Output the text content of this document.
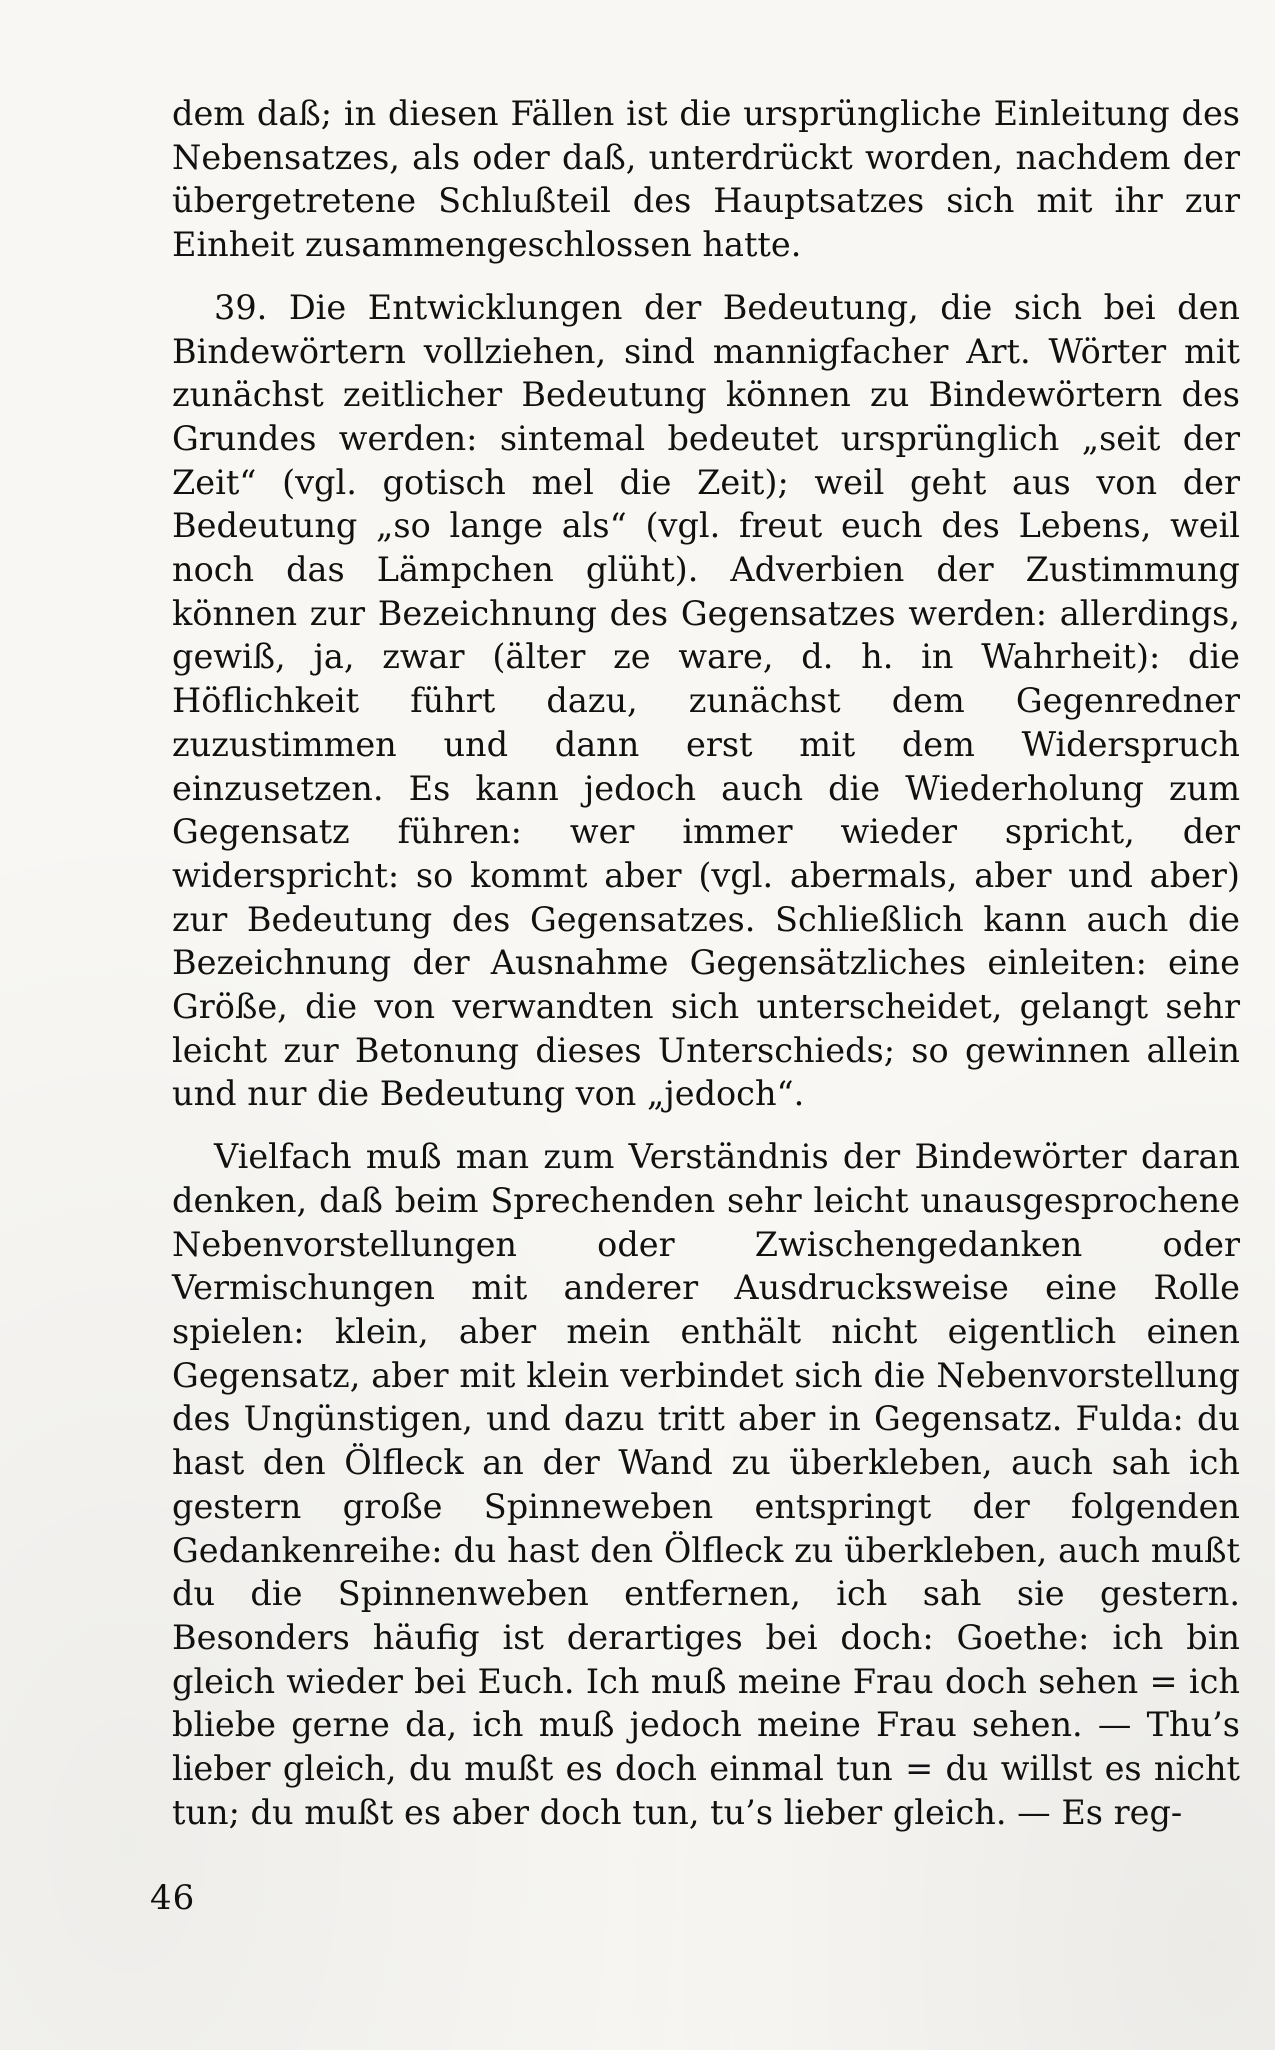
dem daß; in diesen Fällen ist die ursprüngliche Einleitung des Nebensatzes, als oder daß, unterdrückt worden, nachdem der übergetretene Schlußteil des Hauptsatzes sich mit ihr zur Einheit zusammengeschlossen hatte.

39. Die Entwicklungen der Bedeutung, die sich bei den Bindewörtern vollziehen, sind mannigfacher Art. Wörter mit zunächst zeitlicher Bedeutung können zu Bindewörtern des Grundes werden: sintemal bedeutet ursprünglich „seit der Zeit“ (vgl. gotisch mel die Zeit); weil geht aus von der Bedeutung „so lange als“ (vgl. freut euch des Lebens, weil noch das Lämpchen glüht). Adverbien der Zustimmung können zur Bezeichnung des Gegensatzes werden: allerdings, gewiß, ja, zwar (älter ze ware, d. h. in Wahrheit): die Höflichkeit führt dazu, zunächst dem Gegenredner zuzustimmen und dann erst mit dem Widerspruch einzusetzen. Es kann jedoch auch die Wiederholung zum Gegensatz führen: wer immer wieder spricht, der widerspricht: so kommt aber (vgl. abermals, aber und aber) zur Bedeutung des Gegensatzes. Schließlich kann auch die Bezeichnung der Ausnahme Gegensätzliches einleiten: eine Größe, die von verwandten sich unterscheidet, gelangt sehr leicht zur Betonung dieses Unterschieds; so gewinnen allein und nur die Bedeutung von „jedoch“.

Vielfach muß man zum Verständnis der Bindewörter daran denken, daß beim Sprechenden sehr leicht unausgesprochene Nebenvorstellungen oder Zwischengedanken oder Vermischungen mit anderer Ausdrucksweise eine Rolle spielen: klein, aber mein enthält nicht eigentlich einen Gegensatz, aber mit klein verbindet sich die Nebenvorstellung des Ungünstigen, und dazu tritt aber in Gegensatz. Fulda: du hast den Ölfleck an der Wand zu überkleben, auch sah ich gestern große Spinneweben entspringt der folgenden Gedankenreihe: du hast den Ölfleck zu überkleben, auch mußt du die Spinnenweben entfernen, ich sah sie gestern. Besonders häufig ist derartiges bei doch: Goethe: ich bin gleich wieder bei Euch. Ich muß meine Frau doch sehen = ich bliebe gerne da, ich muß jedoch meine Frau sehen. — Thu’s lieber gleich, du mußt es doch einmal tun = du willst es nicht tun; du mußt es aber doch tun, tu’s lieber gleich. — Es reg-

46
